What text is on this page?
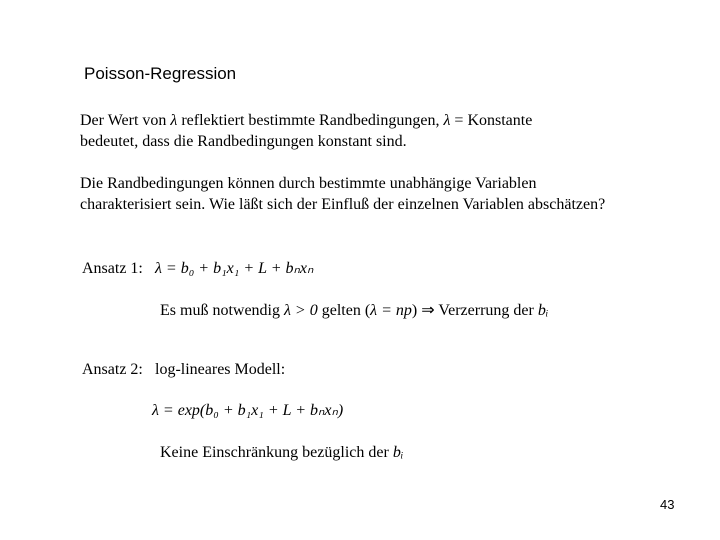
Poisson-Regression
Der Wert von λ reflektiert bestimmte Randbedingungen, λ = Konstante
bedeutet, dass die Randbedingungen konstant sind.
Die Randbedingungen können durch bestimmte unabhängige Variablen
charakterisiert sein. Wie läßt sich der Einfluß der einzelnen Variablen abschätzen?
Ansatz 1: λ = b₀ + b₁x₁ + L + bₙxₙ
Es muß notwendig λ > 0 gelten (λ = np) ⇒ Verzerrung der bᵢ
Ansatz 2: log-lineares Modell:
λ = exp(b₀ + b₁x₁ + L + bₙxₙ)
Keine Einschränkung bezüglich der bᵢ
43
